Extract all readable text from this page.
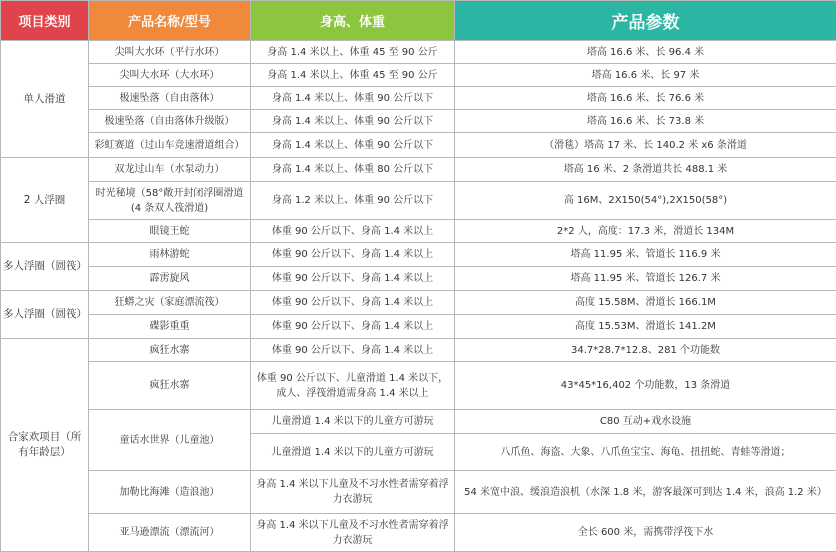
项目类别	产品名称/型号	身高、体重	产品参数
单人滑道	尖叫大水环（平行水环）	身高 1.4 米以上、体重 45 至 90 公斤	塔高 16.6 米、长 96.4 米
	尖叫大水环（大水环）	身高 1.4 米以上、体重 45 至 90 公斤	塔高 16.6 米、长 97 米
	极速坠落（自由落体）	身高 1.4 米以上、体重 90 公斤以下	塔高 16.6 米、长 76.6 米
	极速坠落（自由落体升级版）	身高 1.4 米以上、体重 90 公斤以下	塔高 16.6 米、长 73.8 米
	彩虹赛道（过山车竞速滑道组合）	身高 1.4 米以上、体重 90 公斤以下	（滑毯）塔高 17 米、长 140.2 米 x6 条滑道
2 人浮圈	双龙过山车（水泵动力）	身高 1.4 米以上、体重 80 公斤以下	塔高 16 米、2 条滑道共长 488.1 米
	时光秘境（58°敞开封闭浮圈滑道(4 条双人筏滑道)	身高 1.2 米以上、体重 90 公斤以下	高 16M、2X150(54°),2X150(58°)
	眼镜王蛇	体重 90 公斤以下、身高 1.4 米以上	2*2 人，高度：17.3 米，滑道长 134M
多人浮圈（圆筏）	雨林游蛇	体重 90 公斤以下、身高 1.4 米以上	塔高 11.95 米、管道长 116.9 米
	霹雳旋风	体重 90 公斤以下、身高 1.4 米以上	塔高 11.95 米、管道长 126.7 米
多人浮圈（圆筏）	狂蟒之灾（家庭漂流筏）	体重 90 公斤以下、身高 1.4 米以上	高度 15.58M、滑道长 166.1M
	碟影重重	体重 90 公斤以下、身高 1.4 米以上	高度 15.53M、滑道长 141.2M
合家欢项目（所有年龄层）	疯狂水寨	体重 90 公斤以下、身高 1.4 米以上	34.7*28.7*12.8、281 个功能数
	疯狂水寨	体重 90 公斤以下、儿童滑道 1.4 米以下，成人、浮筏滑道需身高 1.4 米以上	43*45*16,402 个功能数，13 条滑道
	童话水世界（儿童池）	儿童滑道 1.4 米以下的儿童方可游玩	C80 互动+戏水设施
		儿童滑道 1.4 米以下的儿童方可游玩	八爪鱼、海盗、大象、八爪鱼宝宝、海龟、扭扭蛇、青蛙等滑道；
	加勒比海滩（造浪池）	身高 1.4 米以下儿童及不习水性者需穿着浮力衣游玩	54 米宽中浪、缓浪造浪机（水深 1.8 米，游客最深可到达 1.4 米，浪高 1.2 米）
	亚马逊漂流（漂流河）	身高 1.4 米以下儿童及不习水性者需穿着浮力衣游玩	全长 600 米，需携带浮筏下水
